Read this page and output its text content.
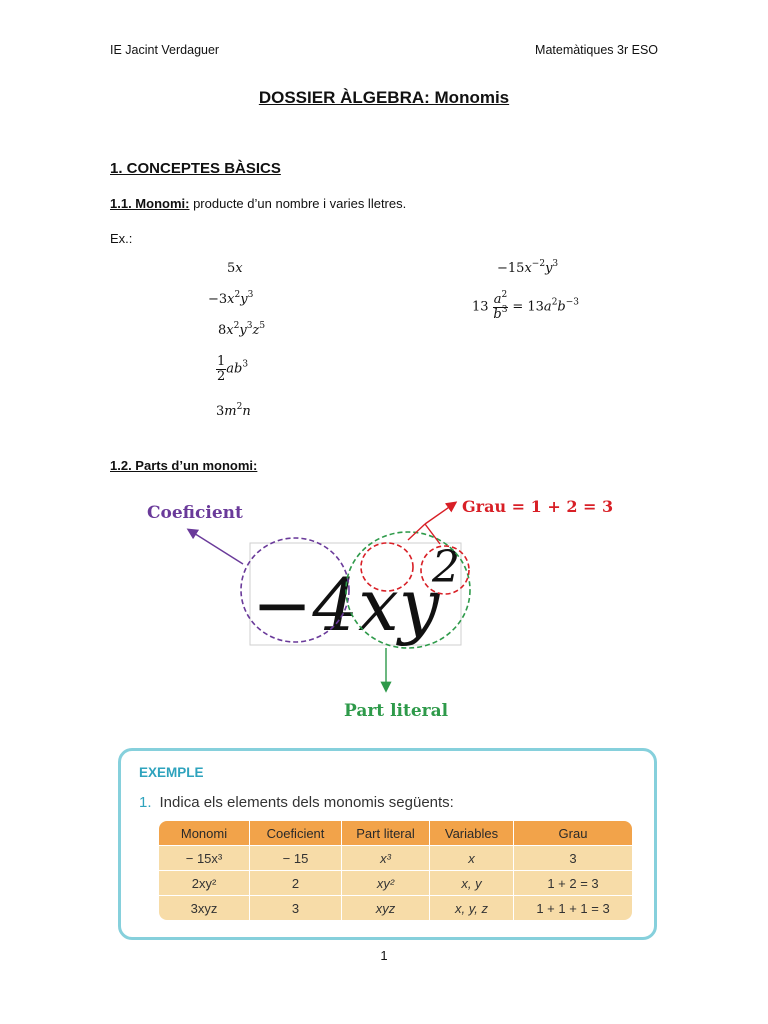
IE Jacint Verdaguer	Matemàtiques 3r ESO
DOSSIER ÀLGEBRA: Monomis
1. CONCEPTES BÀSICS
1.1. Monomi: producte d’un nombre i varies lletres.
Ex.:
5x
$-3x^2y^3$
$8x^2y^3z^5$
$\frac{1}{2} ab^3$
$3m^2n$
$-15x^{-2}y^3$
$13 \frac{a^2}{b^3} = 13a^2b^{-3}$
1.2. Parts d’un monomi:
−4xy
2
Coeficient	Grau = 1 + 2 = 3
Part literal
EXEMPLE
1. Indica els elements dels monomis següents:
Monomi	Coeficient	Part literal	Variables	Grau
− 15x³	− 15	x³	x	3
2xy²	2	xy²	x, y	1 + 2 = 3
3xyz	3	xyz	x, y, z	1 + 1 + 1 = 3
1
